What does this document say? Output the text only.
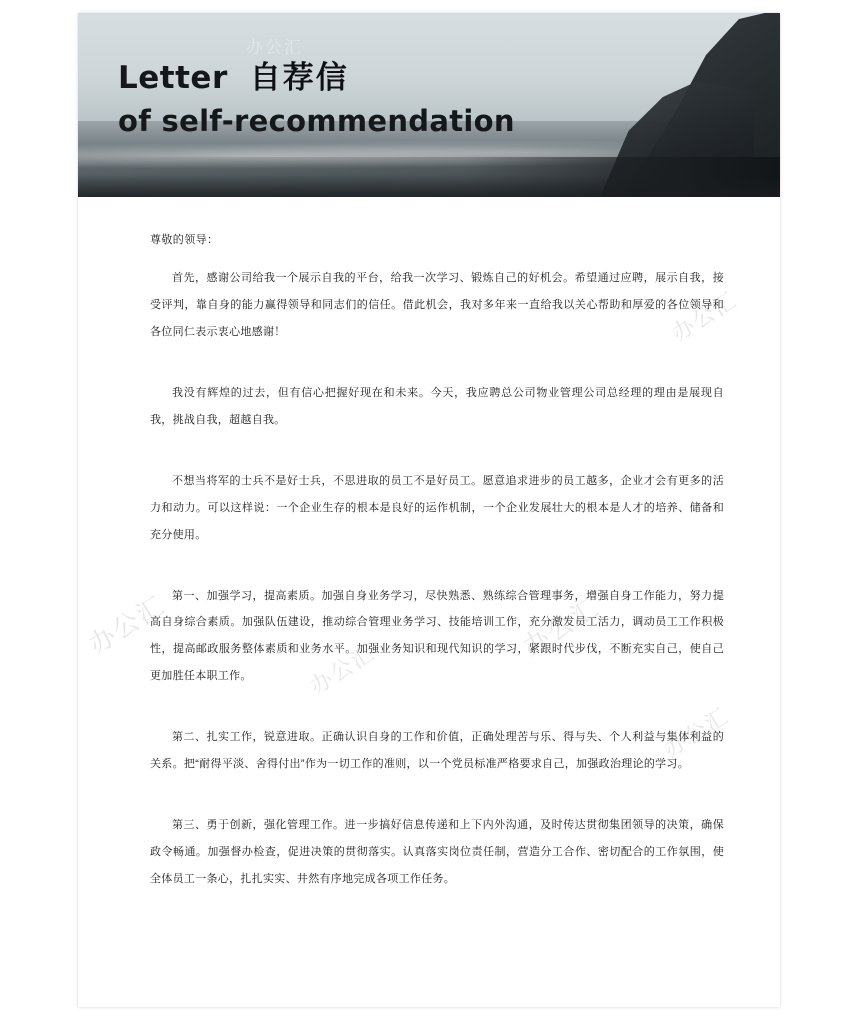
办公汇
Letter 自荐信
of self-recommendation

尊敬的领导：

首先，感谢公司给我一个展示自我的平台，给我一次学习、锻炼自己的好机会。希望通过应聘，展示自我，接受评判，靠自身的能力赢得领导和同志们的信任。借此机会，我对多年来一直给我以关心帮助和厚爱的各位领导和各位同仁表示衷心地感谢！

我没有辉煌的过去，但有信心把握好现在和未来。今天，我应聘总公司物业管理公司总经理的理由是展现自我，挑战自我，超越自我。

不想当将军的士兵不是好士兵，不思进取的员工不是好员工。愿意追求进步的员工越多，企业才会有更多的活力和动力。可以这样说：一个企业生存的根本是良好的运作机制，一个企业发展壮大的根本是人才的培养、储备和充分使用。

第一、加强学习，提高素质。加强自身业务学习，尽快熟悉、熟练综合管理事务，增强自身工作能力，努力提高自身综合素质。加强队伍建设，推动综合管理业务学习、技能培训工作，充分激发员工活力，调动员工工作积极性，提高邮政服务整体素质和业务水平。加强业务知识和现代知识的学习，紧跟时代步伐，不断充实自己，使自己更加胜任本职工作。

第二、扎实工作，锐意进取。正确认识自身的工作和价值，正确处理苦与乐、得与失、个人利益与集体利益的关系。把“耐得平淡、舍得付出”作为一切工作的准则，以一个党员标准严格要求自己，加强政治理论的学习。

第三、勇于创新，强化管理工作。进一步搞好信息传递和上下内外沟通，及时传达贯彻集团领导的决策，确保政令畅通。加强督办检查，促进决策的贯彻落实。认真落实岗位责任制，营造分工合作、密切配合的工作氛围，使全体员工一条心，扎扎实实、井然有序地完成各项工作任务。

办公汇
办公汇
办公汇
办公汇
办公汇
